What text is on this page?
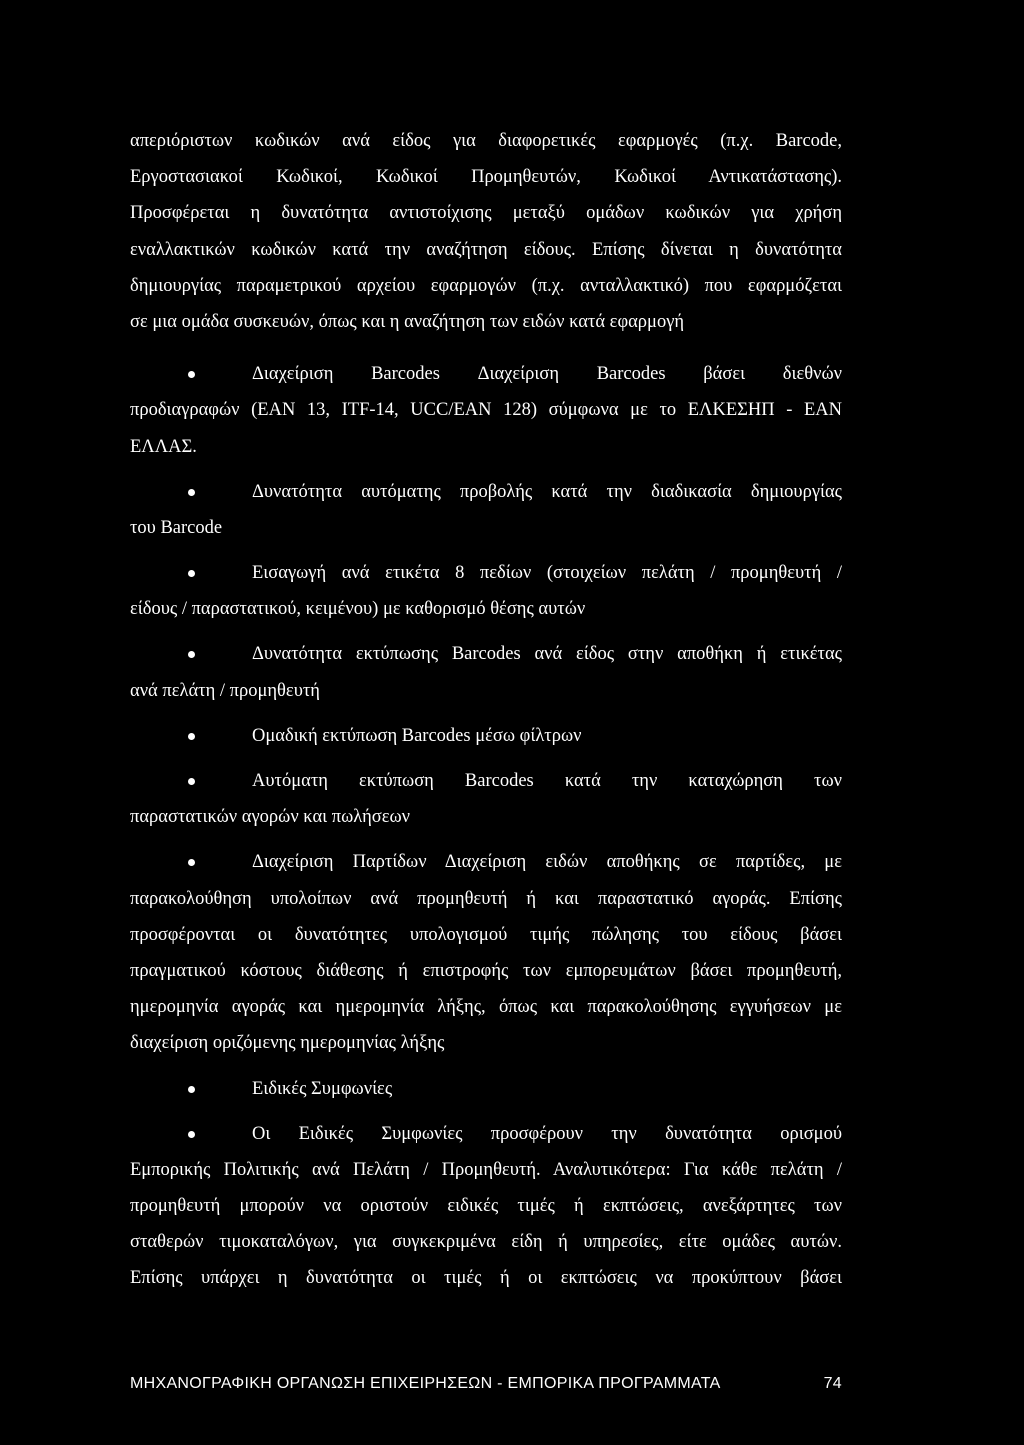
απεριόριστων κωδικών ανά είδος για διαφορετικές εφαρμογές (π.χ. Barcode,
Εργοστασιακοί Κωδικοί, Κωδικοί Προμηθευτών, Κωδικοί Αντικατάστασης).
Προσφέρεται η δυνατότητα αντιστοίχισης μεταξύ ομάδων κωδικών για χρήση
εναλλακτικών κωδικών κατά την αναζήτηση είδους. Επίσης δίνεται η δυνατότητα
δημιουργίας παραμετρικού αρχείου εφαρμογών (π.χ. ανταλλακτικό) που εφαρμόζεται
σε μια ομάδα συσκευών, όπως και η αναζήτηση των ειδών κατά εφαρμογή
Διαχείριση Barcodes Διαχείριση Barcodes βάσει διεθνών
προδιαγραφών (EAN 13, ITF-14, UCC/EAN 128) σύμφωνα με το ΕΛΚΕΣΗΠ - EAN
ΕΛΛΑΣ.
Δυνατότητα αυτόματης προβολής κατά την διαδικασία δημιουργίας
του Barcode
Εισαγωγή ανά ετικέτα 8 πεδίων (στοιχείων πελάτη / προμηθευτή /
είδους / παραστατικού, κειμένου) με καθορισμό θέσης αυτών
Δυνατότητα εκτύπωσης Barcodes ανά είδος στην αποθήκη ή ετικέτας
ανά πελάτη / προμηθευτή
Ομαδική εκτύπωση Barcodes μέσω φίλτρων
Αυτόματη εκτύπωση Barcodes κατά την καταχώρηση των
παραστατικών αγορών και πωλήσεων
Διαχείριση Παρτίδων Διαχείριση ειδών αποθήκης σε παρτίδες, με
παρακολούθηση υπολοίπων ανά προμηθευτή ή και παραστατικό αγοράς. Επίσης
προσφέρονται οι δυνατότητες υπολογισμού τιμής πώλησης του είδους βάσει
πραγματικού κόστους διάθεσης ή επιστροφής των εμπορευμάτων βάσει προμηθευτή,
ημερομηνία αγοράς και ημερομηνία λήξης, όπως και παρακολούθησης εγγυήσεων με
διαχείριση οριζόμενης ημερομηνίας λήξης
Ειδικές Συμφωνίες
Οι Ειδικές Συμφωνίες προσφέρουν την δυνατότητα ορισμού
Εμπορικής Πολιτικής ανά Πελάτη / Προμηθευτή. Αναλυτικότερα: Για κάθε πελάτη /
προμηθευτή μπορούν να οριστούν ειδικές τιμές ή εκπτώσεις, ανεξάρτητες των
σταθερών τιμοκαταλόγων, για συγκεκριμένα είδη ή υπηρεσίες, είτε ομάδες αυτών.
Επίσης υπάρχει η δυνατότητα οι τιμές ή οι εκπτώσεις να προκύπτουν βάσει
ΜΗΧΑΝΟΓΡΑΦΙΚΗ ΟΡΓΑΝΩΣΗ ΕΠΙΧΕΙΡΗΣΕΩΝ - ΕΜΠΟΡΙΚΑ ΠΡΟΓΡΑΜΜΑΤΑ	74
